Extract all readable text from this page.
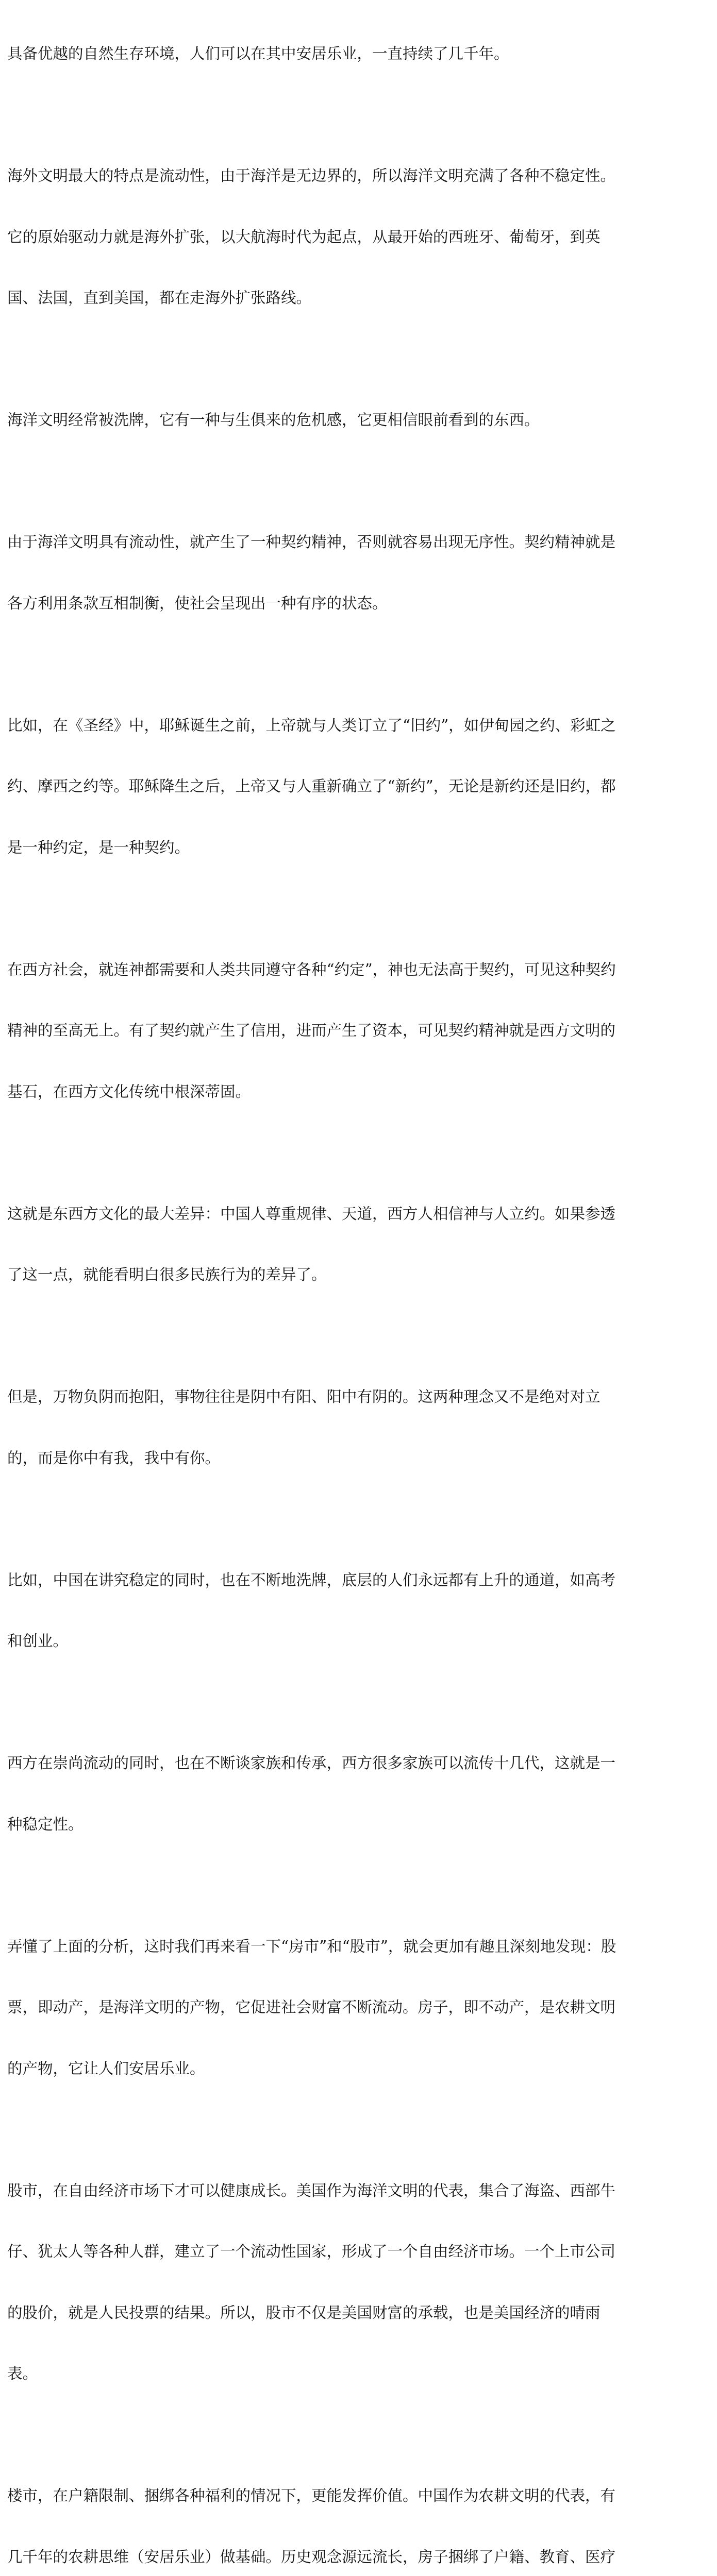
具备优越的自然生存环境，人们可以在其中安居乐业，一直持续了几千年。

海外文明最大的特点是流动性，由于海洋是无边界的，所以海洋文明充满了各种不稳定性。

它的原始驱动力就是海外扩张，以大航海时代为起点，从最开始的西班牙、葡萄牙，到英

国、法国，直到美国，都在走海外扩张路线。

海洋文明经常被洗牌，它有一种与生俱来的危机感，它更相信眼前看到的东西。

由于海洋文明具有流动性，就产生了一种契约精神，否则就容易出现无序性。契约精神就是

各方利用条款互相制衡，使社会呈现出一种有序的状态。

比如，在《圣经》中，耶稣诞生之前，上帝就与人类订立了“旧约”，如伊甸园之约、彩虹之

约、摩西之约等。耶稣降生之后，上帝又与人重新确立了“新约”，无论是新约还是旧约，都

是一种约定，是一种契约。

在西方社会，就连神都需要和人类共同遵守各种“约定”，神也无法高于契约，可见这种契约

精神的至高无上。有了契约就产生了信用，进而产生了资本，可见契约精神就是西方文明的

基石，在西方文化传统中根深蒂固。

这就是东西方文化的最大差异：中国人尊重规律、天道，西方人相信神与人立约。如果参透

了这一点，就能看明白很多民族行为的差异了。

但是，万物负阴而抱阳，事物往往是阴中有阳、阳中有阴的。这两种理念又不是绝对对立

的，而是你中有我，我中有你。

比如，中国在讲究稳定的同时，也在不断地洗牌，底层的人们永远都有上升的通道，如高考

和创业。

西方在崇尚流动的同时，也在不断谈家族和传承，西方很多家族可以流传十几代，这就是一

种稳定性。

弄懂了上面的分析，这时我们再来看一下“房市”和“股市”，就会更加有趣且深刻地发现：股

票，即动产，是海洋文明的产物，它促进社会财富不断流动。房子，即不动产，是农耕文明

的产物，它让人们安居乐业。

股市，在自由经济市场下才可以健康成长。美国作为海洋文明的代表，集合了海盗、西部牛

仔、犹太人等各种人群，建立了一个流动性国家，形成了一个自由经济市场。一个上市公司

的股价，就是人民投票的结果。所以，股市不仅是美国财富的承载，也是美国经济的晴雨

表。

楼市，在户籍限制、捆绑各种福利的情况下，更能发挥价值。中国作为农耕文明的代表，有

几千年的农耕思维（安居乐业）做基础。历史观念源远流长，房子捆绑了户籍、教育、医疗
